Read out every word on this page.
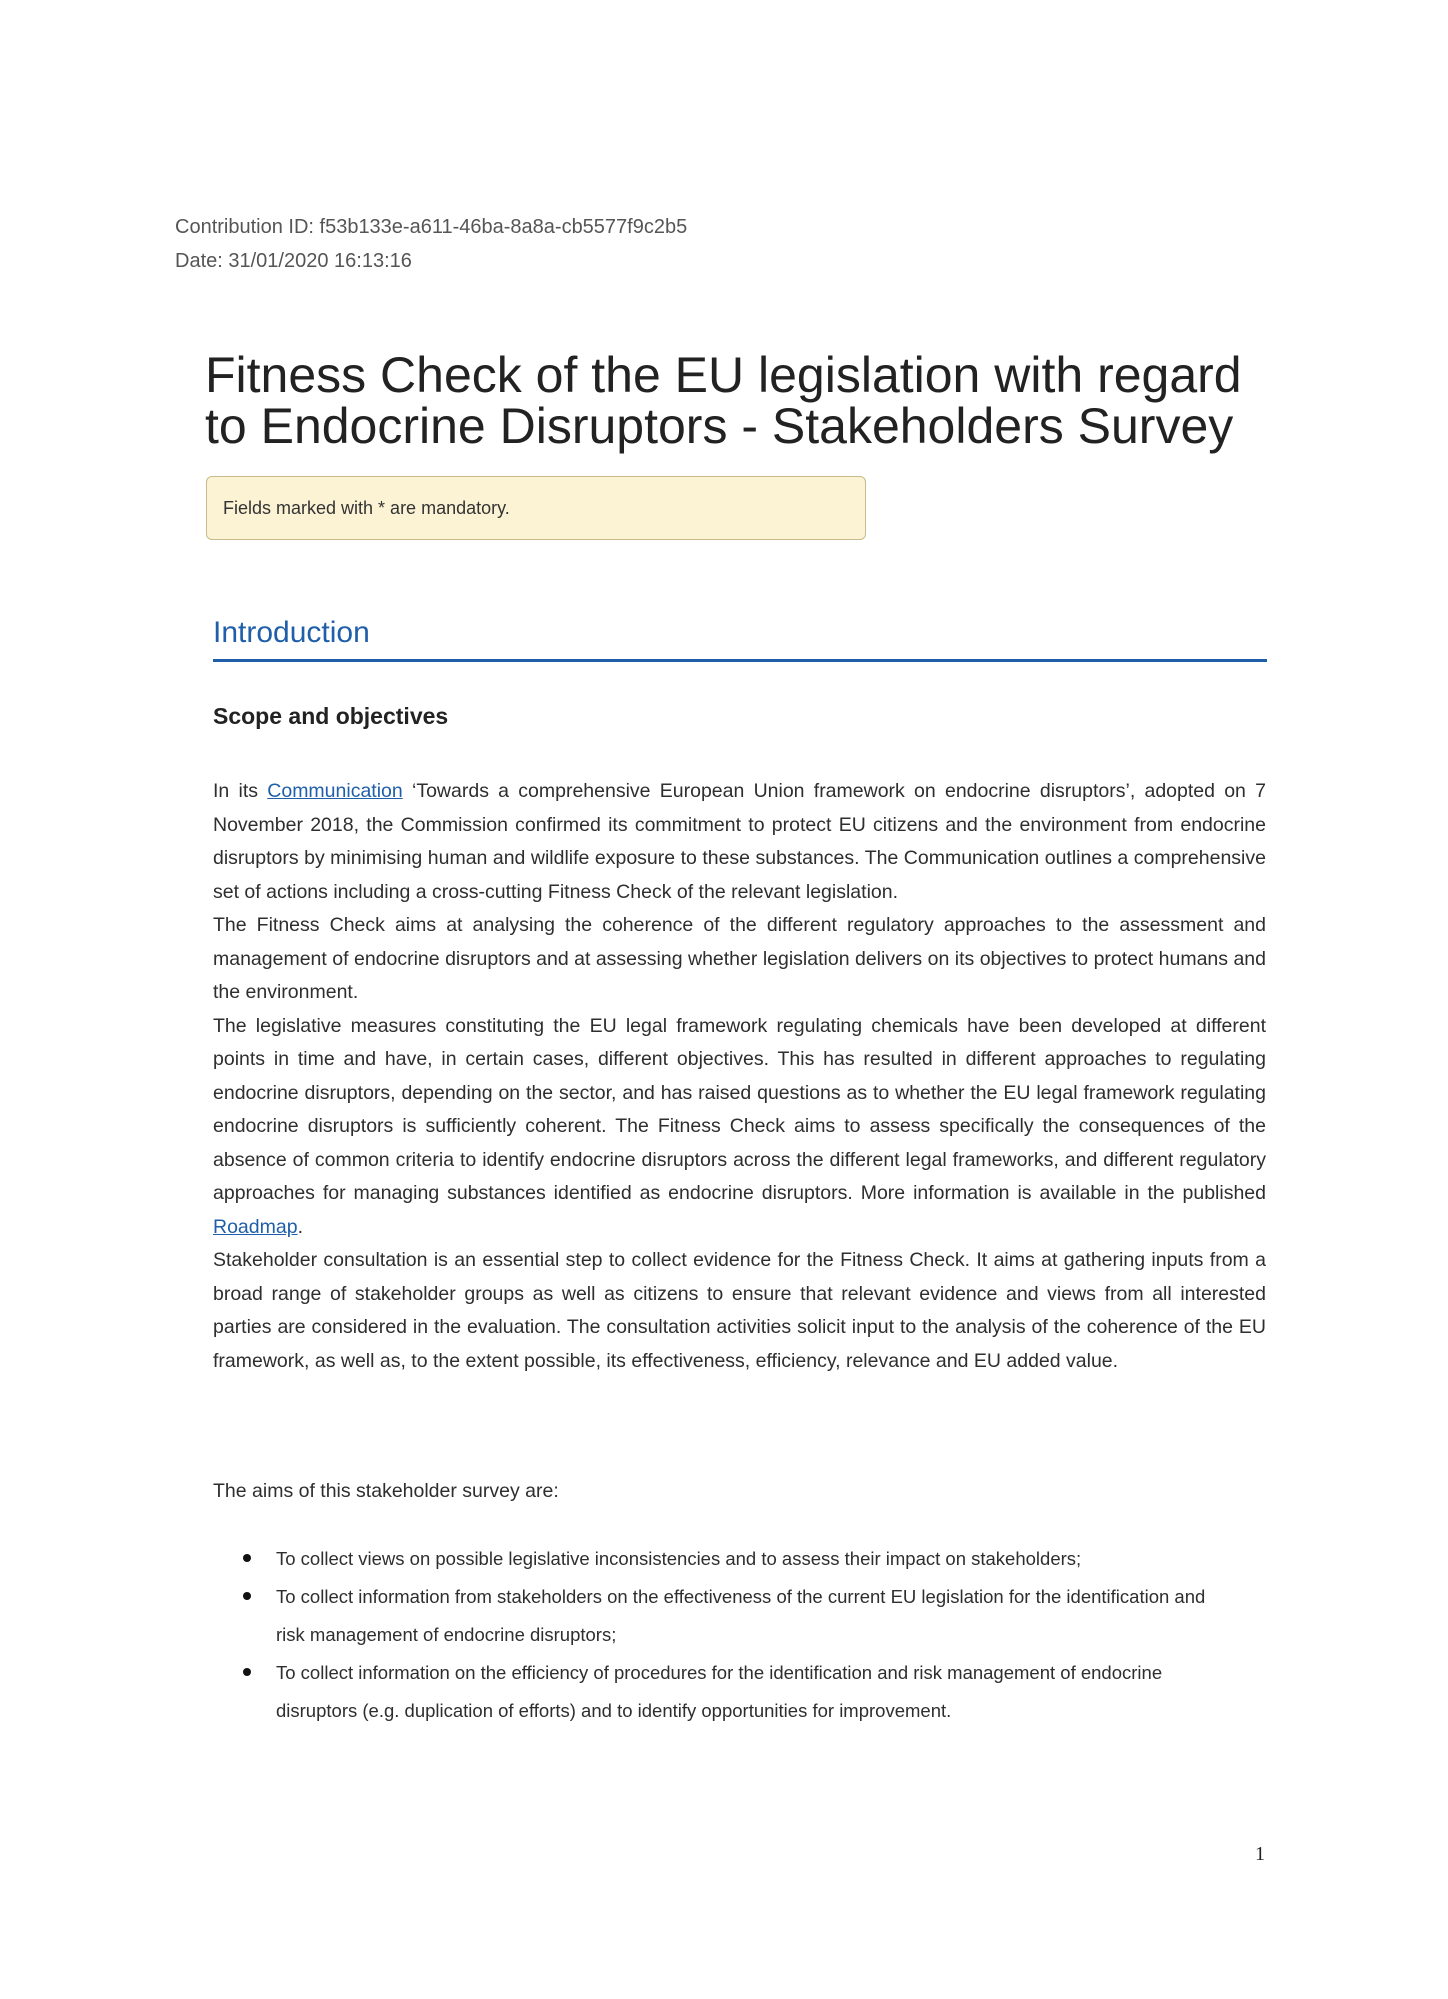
Contribution ID: f53b133e-a611-46ba-8a8a-cb5577f9c2b5
Date: 31/01/2020 16:13:16
Fitness Check of the EU legislation with regard
to Endocrine Disruptors - Stakeholders Survey
Fields marked with * are mandatory.
Introduction
Scope and objectives

In its Communication ‘Towards a comprehensive European Union framework on endocrine disruptors’, adopted on 7 November 2018, the Commission confirmed its commitment to protect EU citizens and the environment from endocrine disruptors by minimising human and wildlife exposure to these substances. The Communication outlines a comprehensive set of actions including a cross-cutting Fitness Check of the relevant legislation.

The Fitness Check aims at analysing the coherence of the different regulatory approaches to the assessment and management of endocrine disruptors and at assessing whether legislation delivers on its objectives to protect humans and the environment.

The legislative measures constituting the EU legal framework regulating chemicals have been developed at different points in time and have, in certain cases, different objectives. This has resulted in different approaches to regulating endocrine disruptors, depending on the sector, and has raised questions as to whether the EU legal framework regulating endocrine disruptors is sufficiently coherent. The Fitness Check aims to assess specifically the consequences of the absence of common criteria to identify endocrine disruptors across the different legal frameworks, and different regulatory approaches for managing substances identified as endocrine disruptors. More information is available in the published Roadmap.

Stakeholder consultation is an essential step to collect evidence for the Fitness Check. It aims at gathering inputs from a broad range of stakeholder groups as well as citizens to ensure that relevant evidence and views from all interested parties are considered in the evaluation. The consultation activities solicit input to the analysis of the coherence of the EU framework, as well as, to the extent possible, its effectiveness, efficiency, relevance and EU added value.

The aims of this stakeholder survey are:
To collect views on possible legislative inconsistencies and to assess their impact on stakeholders;
To collect information from stakeholders on the effectiveness of the current EU legislation for the identification and risk management of endocrine disruptors;
To collect information on the efficiency of procedures for the identification and risk management of endocrine disruptors (e.g. duplication of efforts) and to identify opportunities for improvement.
1
